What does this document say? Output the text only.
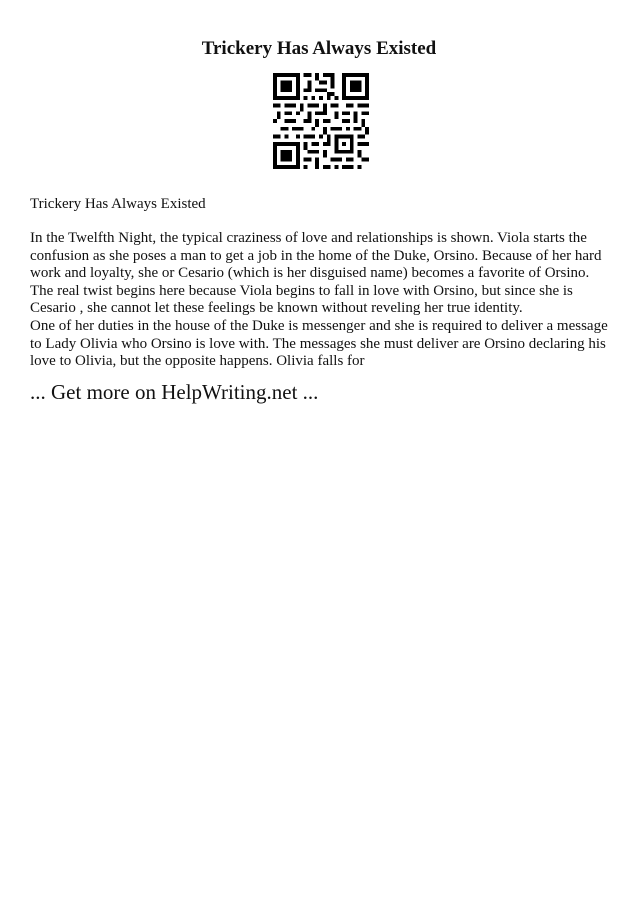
Trickery Has Always Existed

Trickery Has Always Existed

In the Twelfth Night, the typical craziness of love and relationships is shown. Viola starts the confusion as she poses a man to get a job in the home of the Duke, Orsino. Because of her hard work and loyalty, she or Cesario (which is her disguised name) becomes a favorite of Orsino. The real twist begins here because Viola begins to fall in love with Orsino, but since she is Cesario , she cannot let these feelings be known without reveling her true identity.

One of her duties in the house of the Duke is messenger and she is required to deliver a message to Lady Olivia who Orsino is love with. The messages she must deliver are Orsino declaring his love to Olivia, but the opposite happens. Olivia falls for

... Get more on HelpWriting.net ...
